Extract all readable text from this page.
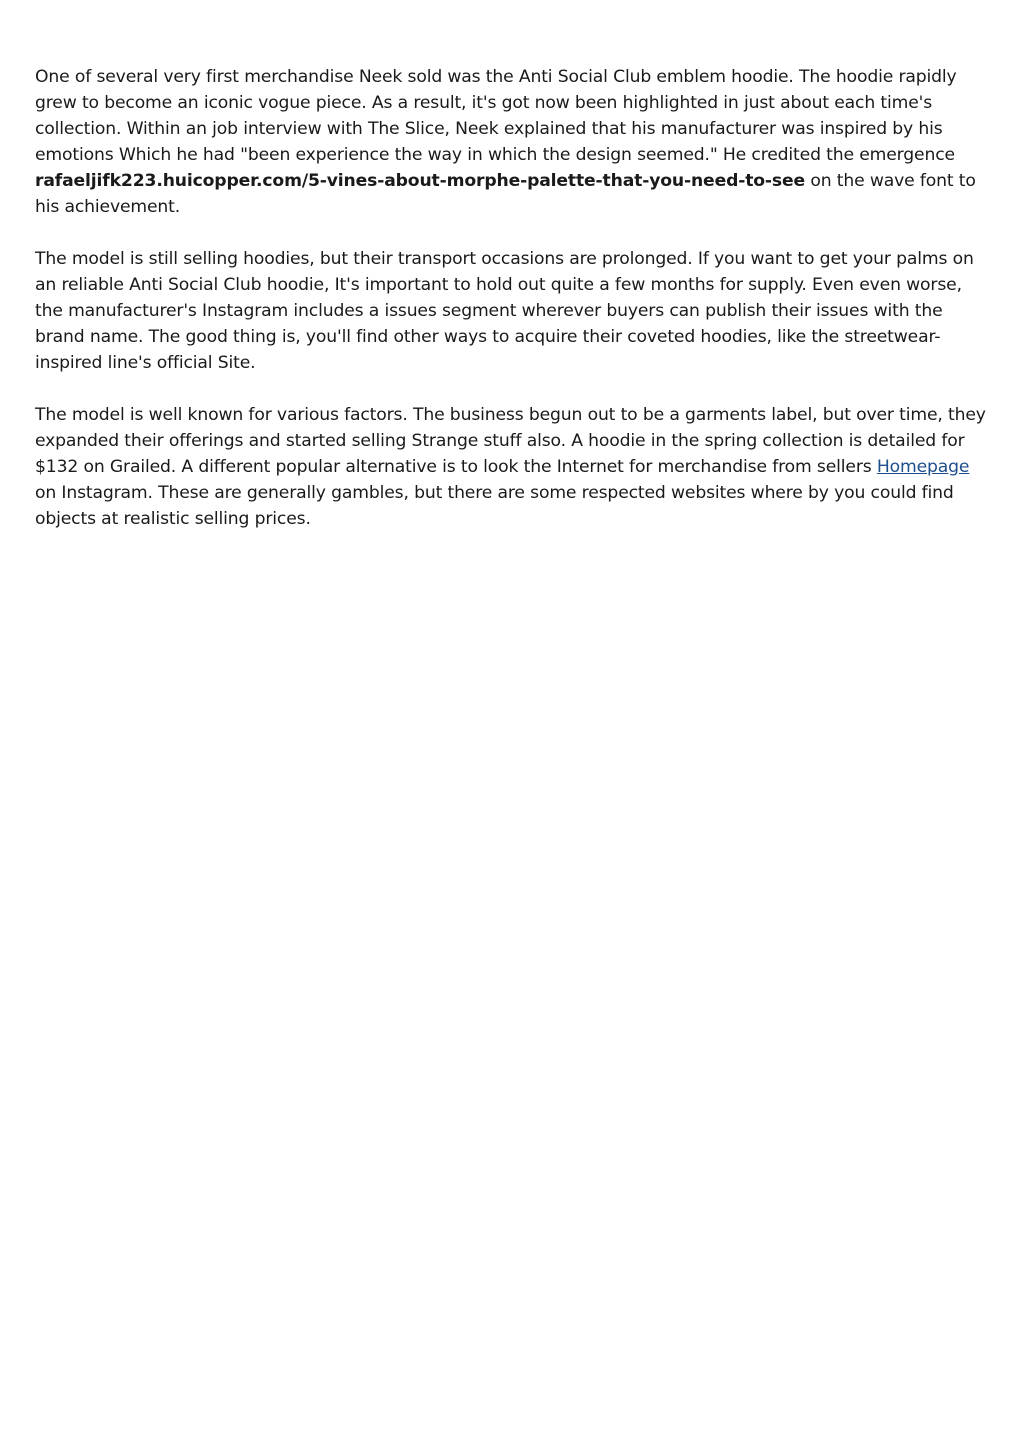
One of several very first merchandise Neek sold was the Anti Social Club emblem hoodie. The hoodie rapidly grew to become an iconic vogue piece. As a result, it's got now been highlighted in just about each time's collection. Within an job interview with The Slice, Neek explained that his manufacturer was inspired by his emotions Which he had "been experience the way in which the design seemed." He credited the emergence rafaeljifk223.huicopper.com/5-vines-about-morphe-palette-that-you-need-to-see on the wave font to his achievement.

The model is still selling hoodies, but their transport occasions are prolonged. If you want to get your palms on an reliable Anti Social Club hoodie, It's important to hold out quite a few months for supply. Even even worse, the manufacturer's Instagram includes a issues segment wherever buyers can publish their issues with the brand name. The good thing is, you'll find other ways to acquire their coveted hoodies, like the streetwear-inspired line's official Site.

The model is well known for various factors. The business begun out to be a garments label, but over time, they expanded their offerings and started selling Strange stuff also. A hoodie in the spring collection is detailed for $132 on Grailed. A different popular alternative is to look the Internet for merchandise from sellers Homepage on Instagram. These are generally gambles, but there are some respected websites where by you could find objects at realistic selling prices.
